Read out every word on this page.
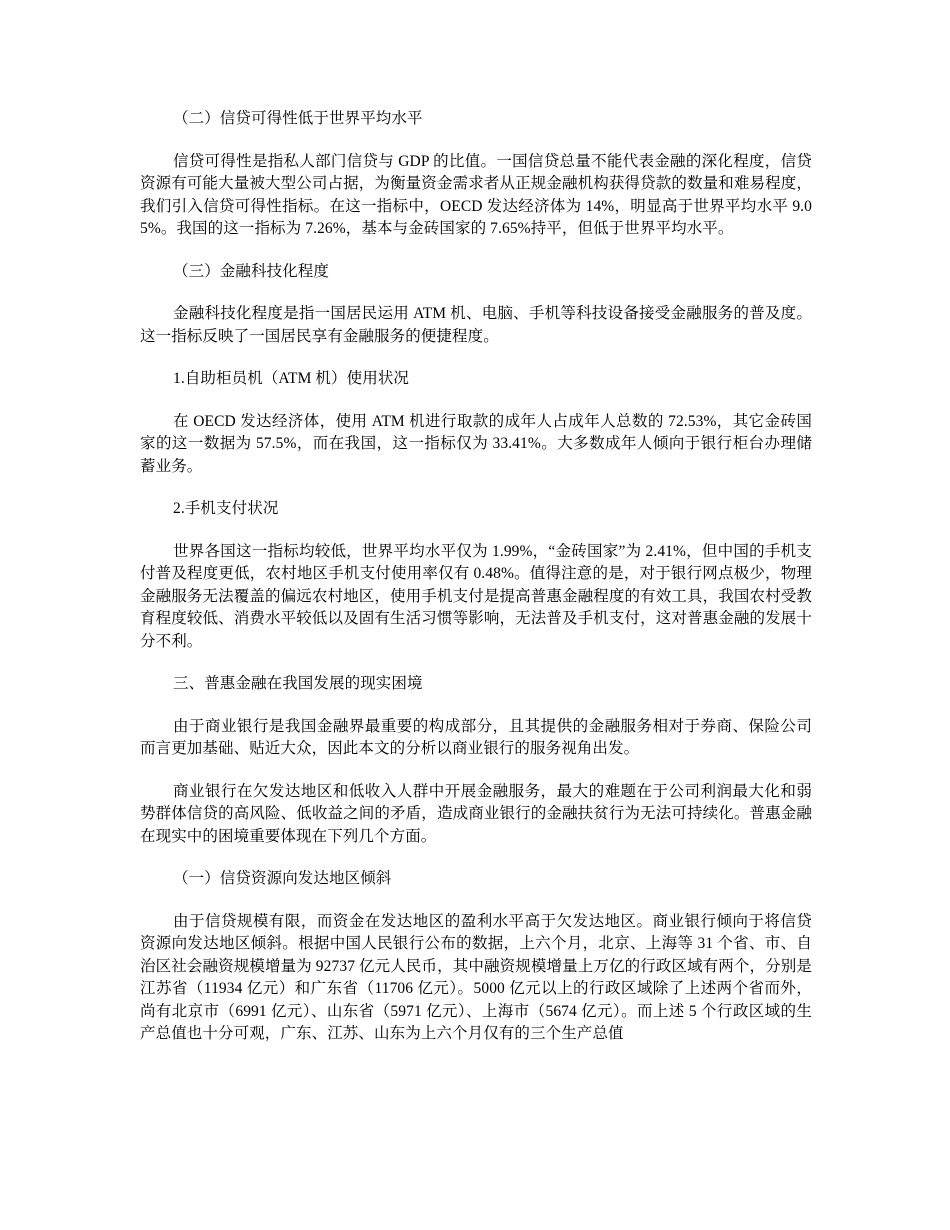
（二）信贷可得性低于世界平均水平

信贷可得性是指私人部门信贷与 GDP 的比值。一国信贷总量不能代表金融的深化程度，信贷资源有可能大量被大型公司占据，为衡量资金需求者从正规金融机构获得贷款的数量和难易程度，我们引入信贷可得性指标。在这一指标中，OECD 发达经济体为 14%，明显高于世界平均水平 9.05%。我国的这一指标为 7.26%，基本与金砖国家的 7.65%持平，但低于世界平均水平。

（三）金融科技化程度

金融科技化程度是指一国居民运用 ATM 机、电脑、手机等科技设备接受金融服务的普及度。这一指标反映了一国居民享有金融服务的便捷程度。

1.自助柜员机（ATM 机）使用状况

在 OECD 发达经济体，使用 ATM 机进行取款的成年人占成年人总数的 72.53%，其它金砖国家的这一数据为 57.5%，而在我国，这一指标仅为 33.41%。大多数成年人倾向于银行柜台办理储蓄业务。

2.手机支付状况

世界各国这一指标均较低，世界平均水平仅为 1.99%，“金砖国家”为 2.41%，但中国的手机支付普及程度更低，农村地区手机支付使用率仅有 0.48%。值得注意的是，对于银行网点极少，物理金融服务无法覆盖的偏远农村地区，使用手机支付是提高普惠金融程度的有效工具，我国农村受教育程度较低、消费水平较低以及固有生活习惯等影响，无法普及手机支付，这对普惠金融的发展十分不利。

三、普惠金融在我国发展的现实困境

由于商业银行是我国金融界最重要的构成部分，且其提供的金融服务相对于券商、保险公司而言更加基础、贴近大众，因此本文的分析以商业银行的服务视角出发。

商业银行在欠发达地区和低收入人群中开展金融服务，最大的难题在于公司利润最大化和弱势群体信贷的高风险、低收益之间的矛盾，造成商业银行的金融扶贫行为无法可持续化。普惠金融在现实中的困境重要体现在下列几个方面。

（一）信贷资源向发达地区倾斜

由于信贷规模有限，而资金在发达地区的盈利水平高于欠发达地区。商业银行倾向于将信贷资源向发达地区倾斜。根据中国人民银行公布的数据，上六个月，北京、上海等 31 个省、市、自治区社会融资规模增量为 92737 亿元人民币，其中融资规模增量上万亿的行政区域有两个，分别是江苏省（11934 亿元）和广东省（11706 亿元）。5000 亿元以上的行政区域除了上述两个省而外，尚有北京市（6991 亿元）、山东省（5971 亿元）、上海市（5674 亿元）。而上述 5 个行政区域的生产总值也十分可观，广东、江苏、山东为上六个月仅有的三个生产总值
